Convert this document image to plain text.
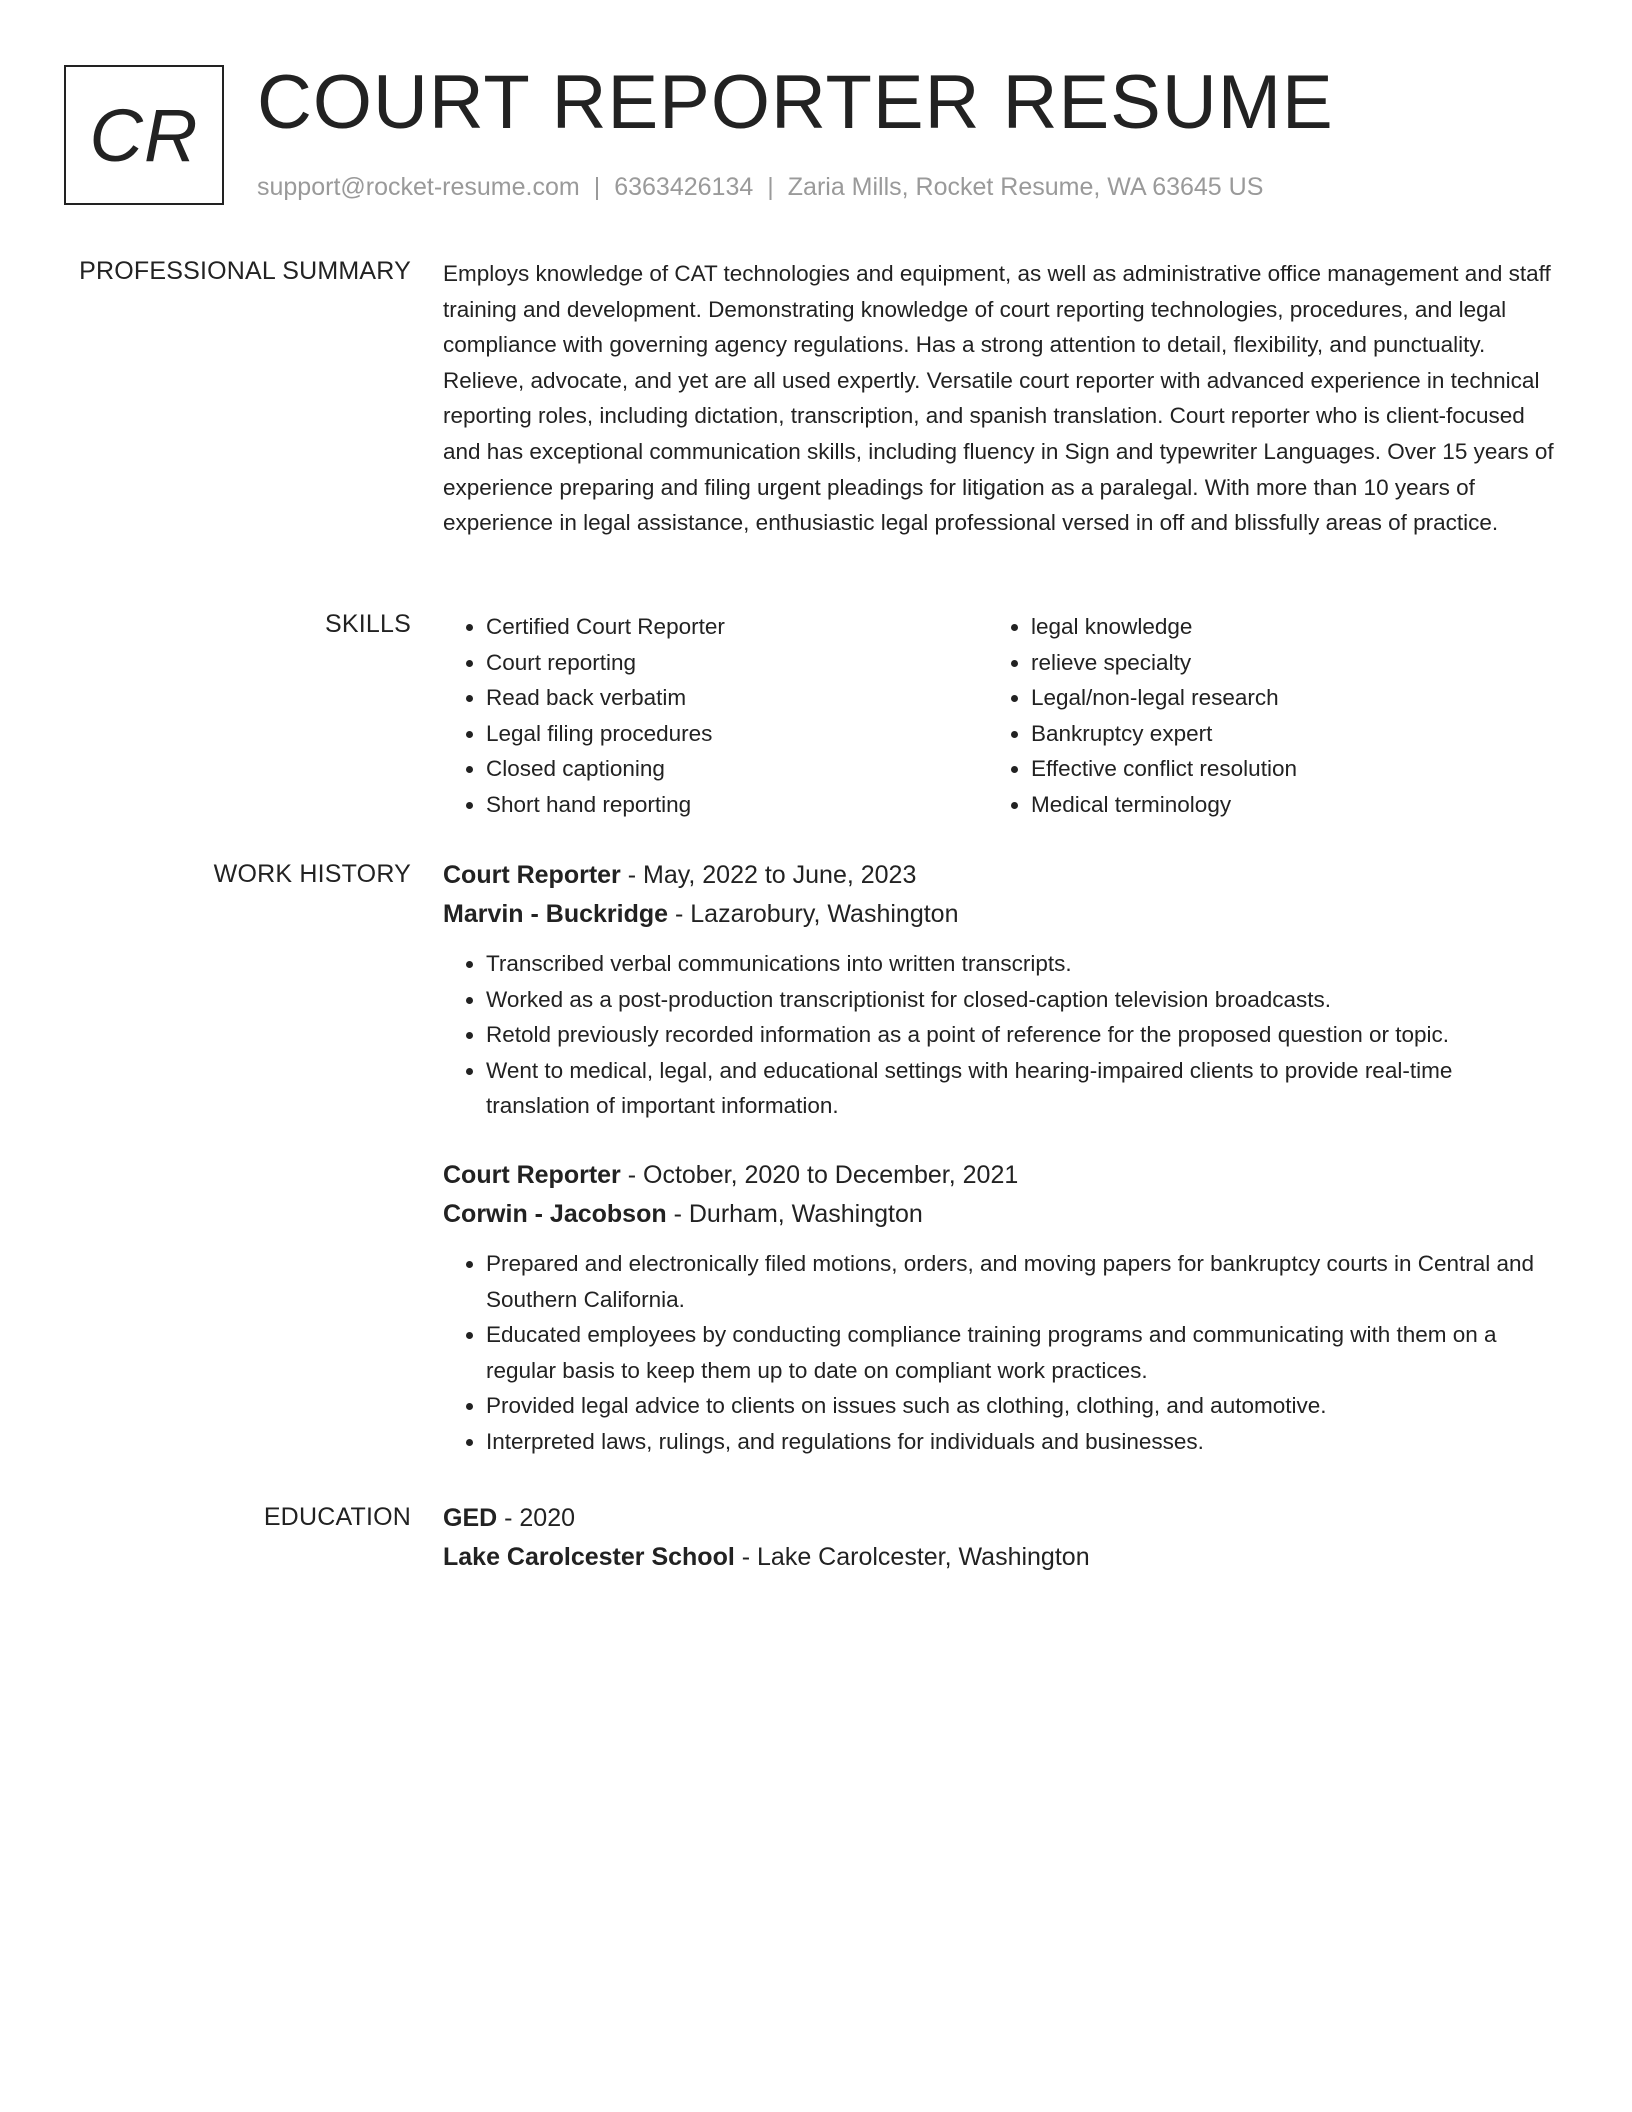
CR COURT REPORTER RESUME
support@rocket-resume.com | 6363426134 | Zaria Mills, Rocket Resume, WA 63645 US
PROFESSIONAL SUMMARY Employs knowledge of CAT technologies and equipment, as well as administrative office management and staff training and development. Demonstrating knowledge of court reporting technologies, procedures, and legal compliance with governing agency regulations. Has a strong attention to detail, flexibility, and punctuality. Relieve, advocate, and yet are all used expertly. Versatile court reporter with advanced experience in technical reporting roles, including dictation, transcription, and spanish translation. Court reporter who is client-focused and has exceptional communication skills, including fluency in Sign and typewriter Languages. Over 15 years of experience preparing and filing urgent pleadings for litigation as a paralegal. With more than 10 years of experience in legal assistance, enthusiastic legal professional versed in off and blissfully areas of practice.

SKILLS
•	Certified Court Reporter
• Court reporting
• Read back verbatim
• Legal filing procedures
• Closed captioning
• Short hand reporting
• legal knowledge
• relieve specialty
• Legal/non-legal research
• Bankruptcy expert
• Effective conflict resolution
• Medical terminology
WORK HISTORY Court Reporter - May, 2022 to June, 2023
Marvin - Buckridge - Lazarobury, Washington
• Transcribed verbal communications into written transcripts.
• Worked as a post-production transcriptionist for closed-caption television broadcasts.
• Retold previously recorded information as a point of reference for the proposed question or topic.
• Went to medical, legal, and educational settings with hearing-impaired clients to provide real-time translation of important information.
Court Reporter - October, 2020 to December, 2021
Corwin - Jacobson - Durham, Washington
• Prepared and electronically filed motions, orders, and moving papers for bankruptcy courts in Central and Southern California.
• Educated employees by conducting compliance training programs and communicating with them on a regular basis to keep them up to date on compliant work practices.
• Provided legal advice to clients on issues such as clothing, clothing, and automotive.
• Interpreted laws, rulings, and regulations for individuals and businesses.
EDUCATION GED - 2020
Lake Carolcester School - Lake Carolcester, Washington
